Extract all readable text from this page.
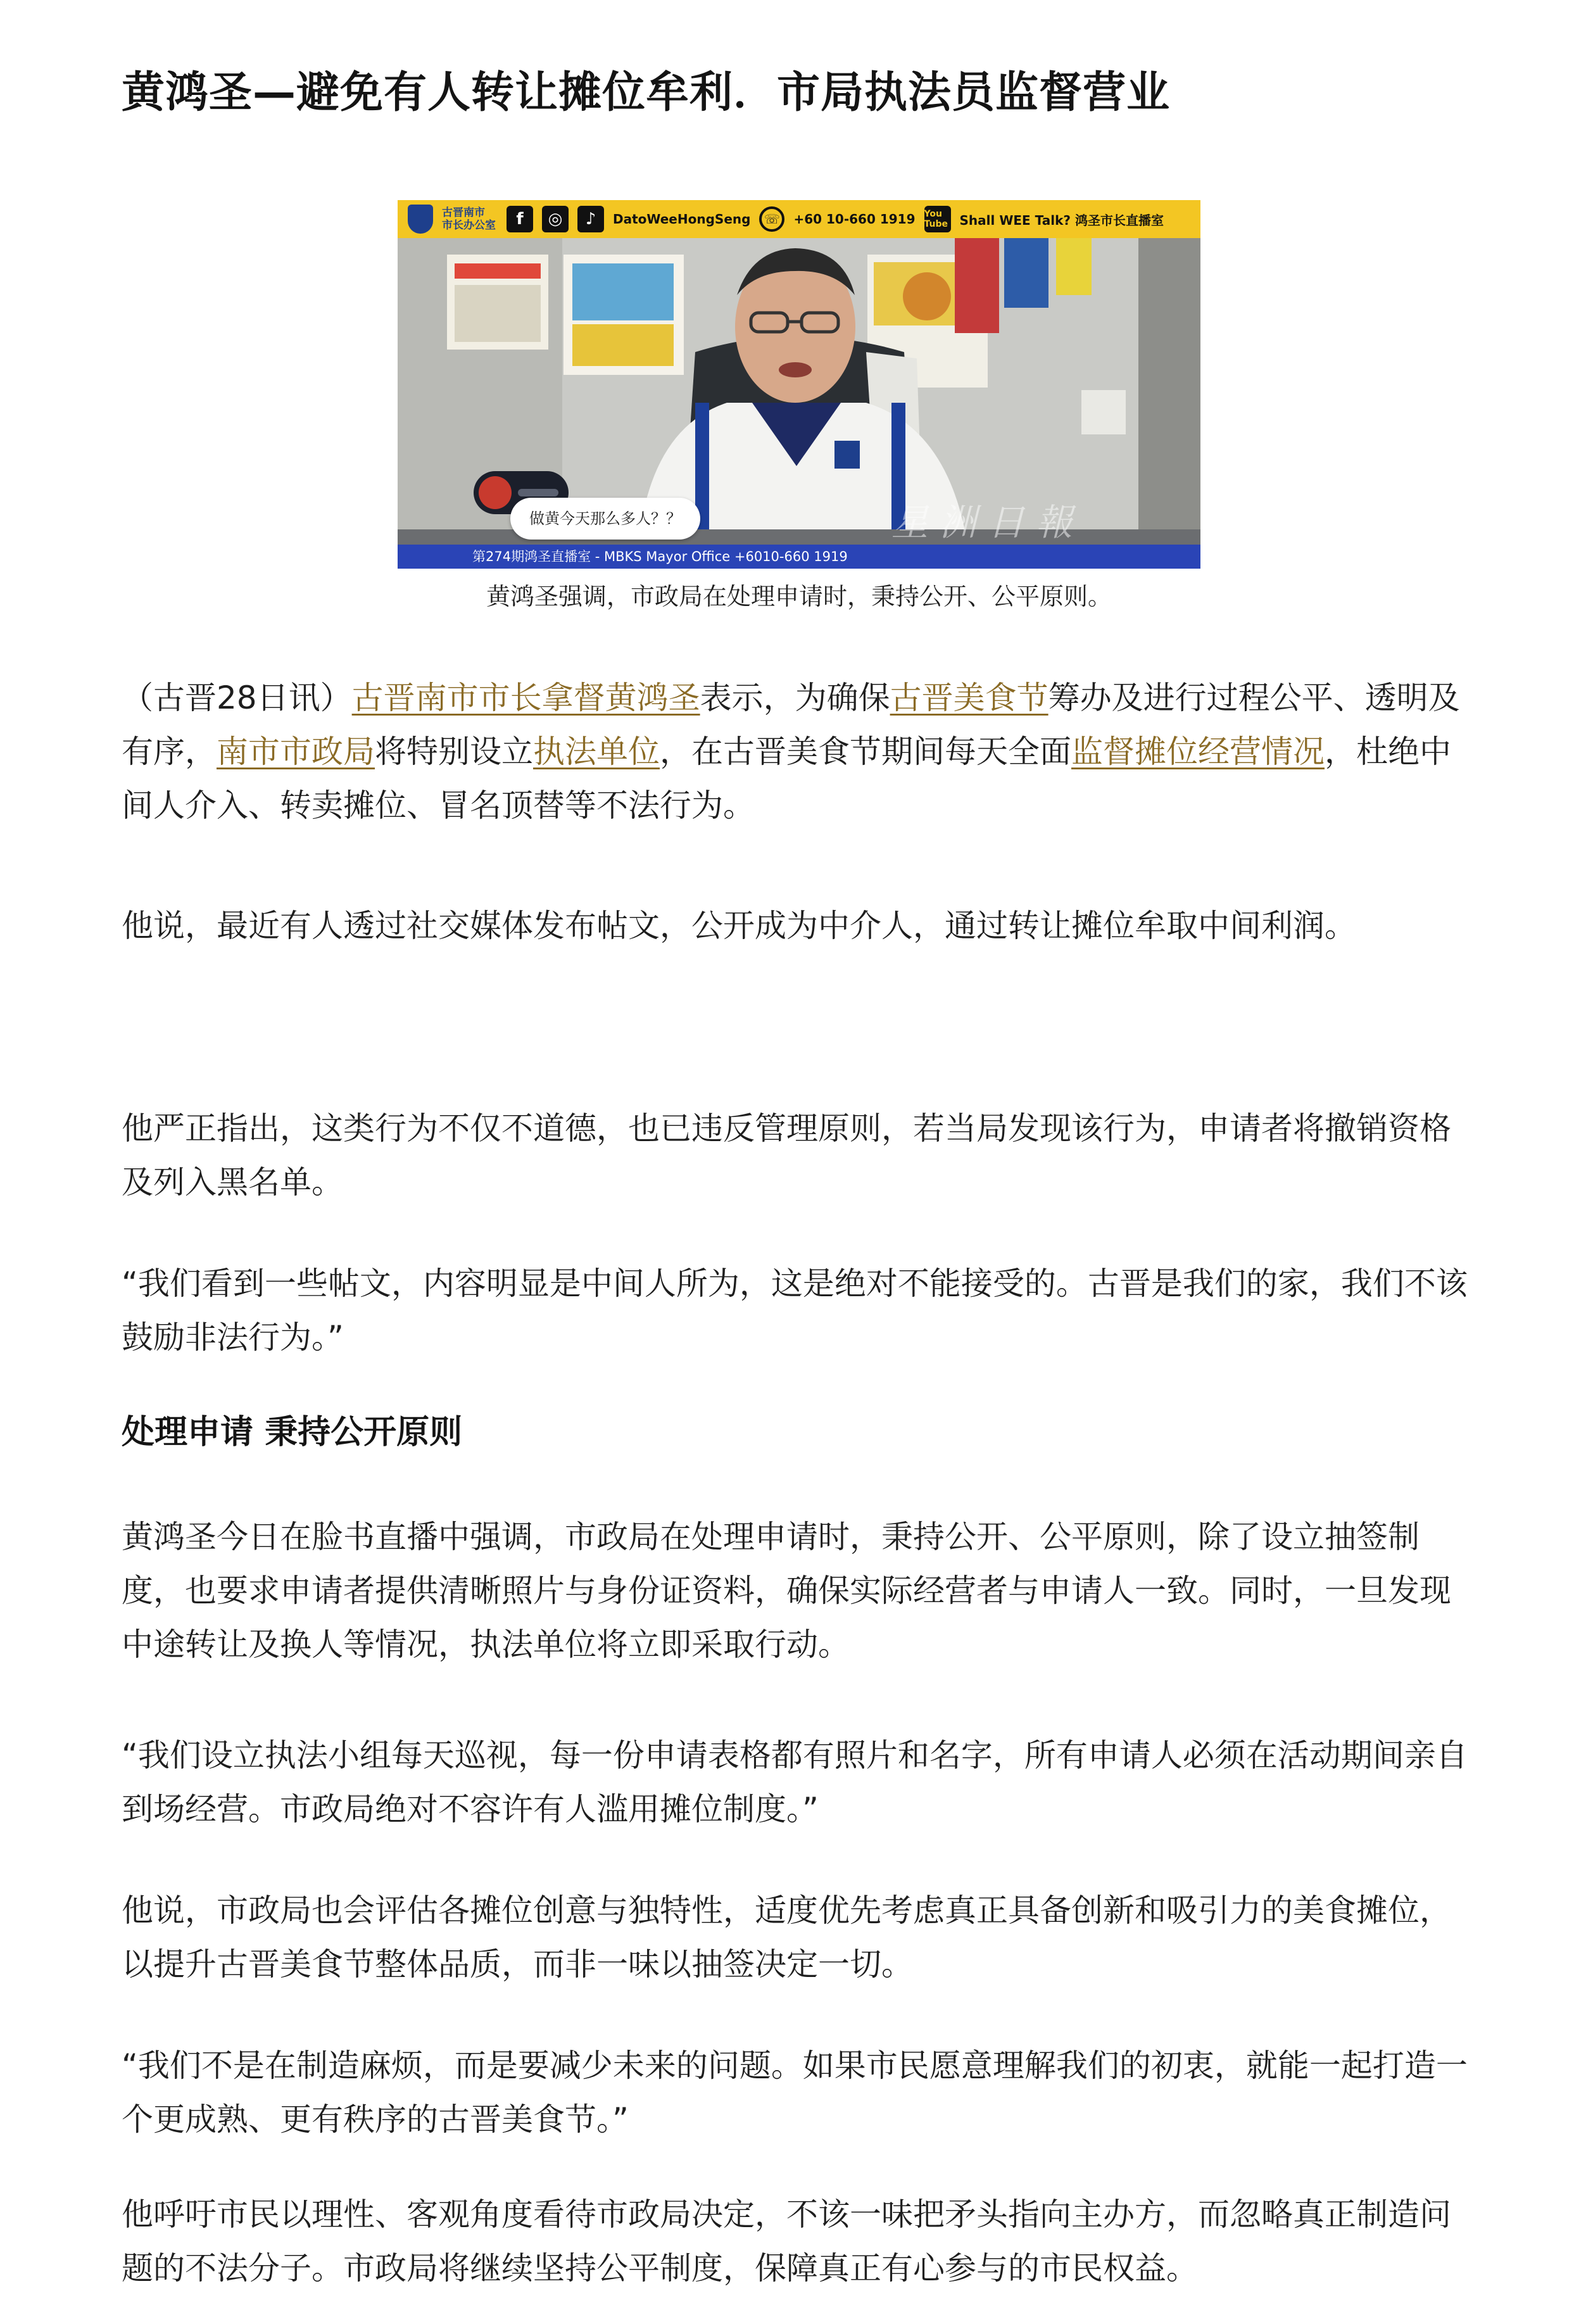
黄鸿圣—避免有人转让摊位牟利．市局执法员监督营业
古晋南市 市长办公室	f	◎	♪	DatoWeeHongSeng	☏	+60 10-660 1919 You Tube Shall WEE Talk? 鸿圣市长直播室
做黄今天那么多人？？	星洲日報
第274期鸿圣直播室 - MBKS Mayor Office +6010-660 1919

黄鸿圣强调，市政局在处理申请时，秉持公开、公平原则。

（古晋28日讯）古晋南市市长拿督黄鸿圣表示，为确保古晋美食节筹办及进行过程公平、透明及有序，南市市政局将特别设立执法单位，在古晋美食节期间每天全面监督摊位经营情况，杜绝中间人介入、转卖摊位、冒名顶替等不法行为。

他说，最近有人透过社交媒体发布帖文，公开成为中介人，通过转让摊位牟取中间利润。

他严正指出，这类行为不仅不道德，也已违反管理原则，若当局发现该行为，申请者将撤销资格及列入黑名单。

“我们看到一些帖文，内容明显是中间人所为，这是绝对不能接受的。古晋是我们的家，我们不该鼓励非法行为。”

处理申请 秉持公开原则

黄鸿圣今日在脸书直播中强调，市政局在处理申请时，秉持公开、公平原则，除了设立抽签制度，也要求申请者提供清晰照片与身份证资料，确保实际经营者与申请人一致。同时，一旦发现中途转让及换人等情况，执法单位将立即采取行动。

“我们设立执法小组每天巡视，每一份申请表格都有照片和名字，所有申请人必须在活动期间亲自到场经营。市政局绝对不容许有人滥用摊位制度。”

他说，市政局也会评估各摊位创意与独特性，适度优先考虑真正具备创新和吸引力的美食摊位，以提升古晋美食节整体品质，而非一味以抽签决定一切。

“我们不是在制造麻烦，而是要减少未来的问题。如果市民愿意理解我们的初衷，就能一起打造一个更成熟、更有秩序的古晋美食节。”

他呼吁市民以理性、客观角度看待市政局决定，不该一味把矛头指向主办方，而忽略真正制造问题的不法分子。市政局将继续坚持公平制度，保障真正有心参与的市民权益。
